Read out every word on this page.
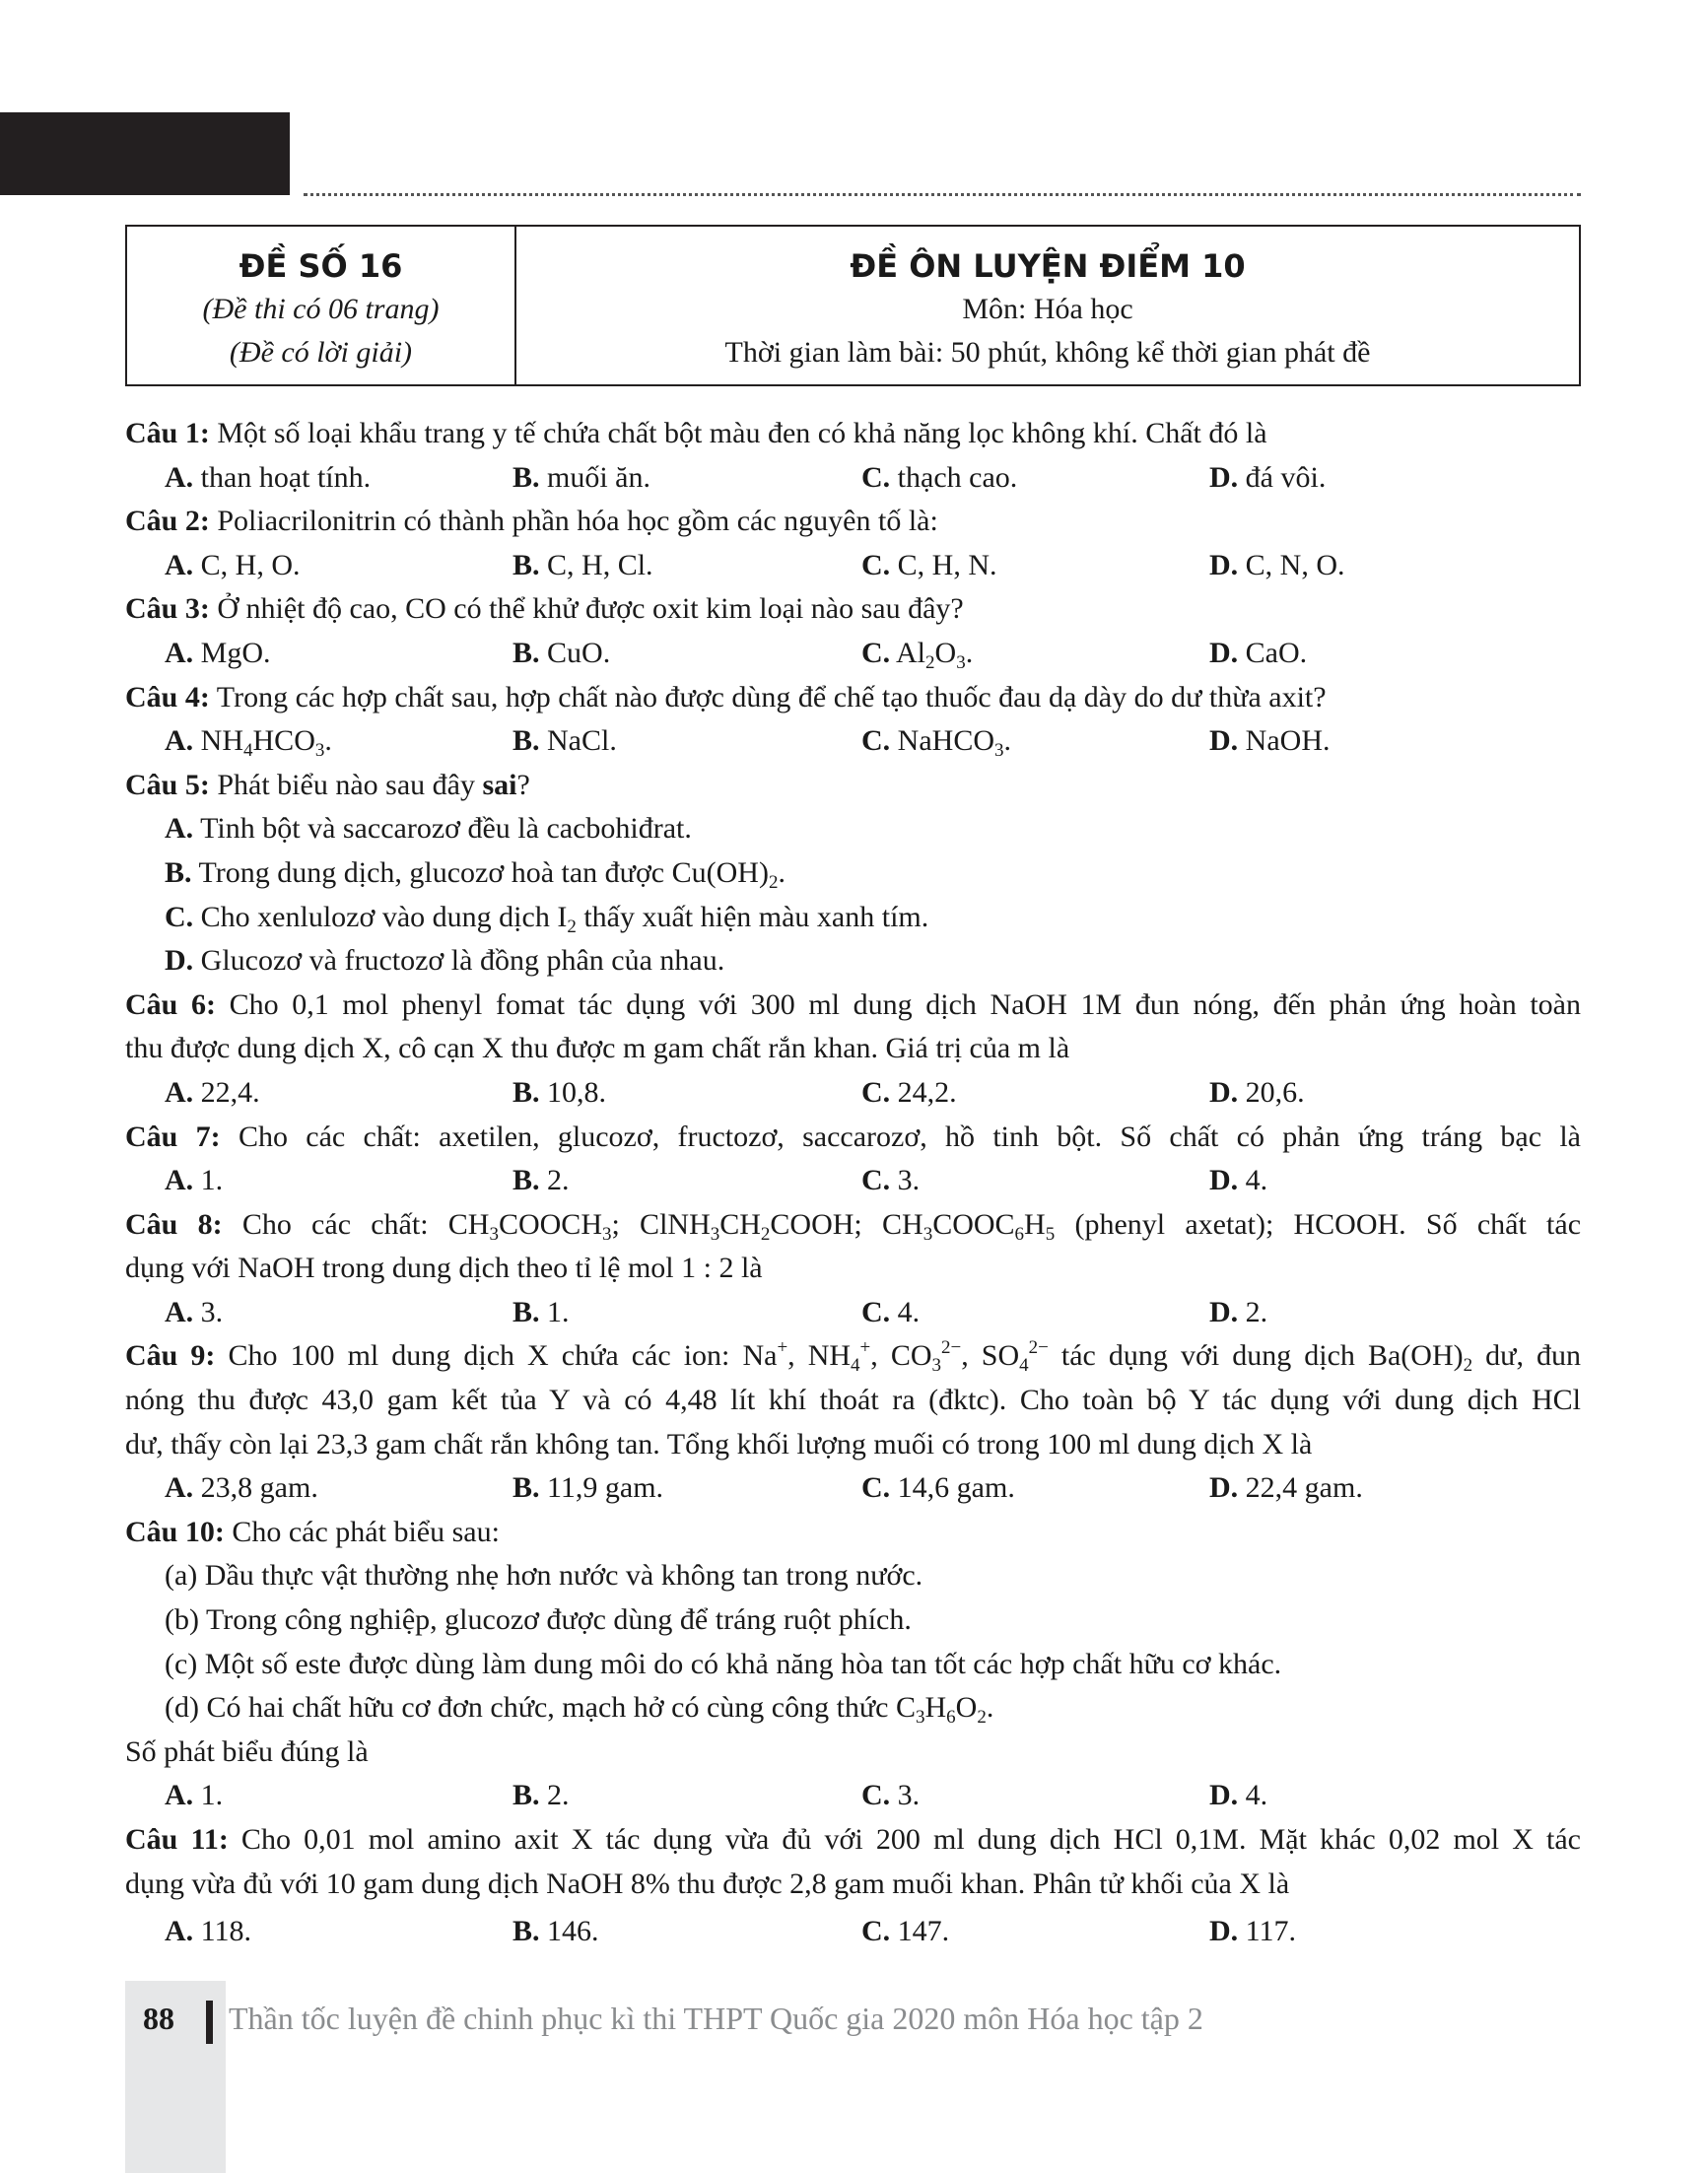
ĐỀ SỐ 16
(Đề thi có 06 trang)
(Đề có lời giải)
ĐỀ ÔN LUYỆN ĐIỂM 10
Môn: Hóa học
Thời gian làm bài: 50 phút, không kể thời gian phát đề
Câu 1: Một số loại khẩu trang y tế chứa chất bột màu đen có khả năng lọc không khí. Chất đó là
A. than hoạt tính.	B. muối ăn.	C. thạch cao.	D. đá vôi.
Câu 2: Poliacrilonitrin có thành phần hóa học gồm các nguyên tố là:
A. C, H, O.	B. C, H, Cl.	C. C, H, N.	D. C, N, O.
Câu 3: Ở nhiệt độ cao, CO có thể khử được oxit kim loại nào sau đây?
A. MgO.	B. CuO.	C. $Al_2O_3$.	D. CaO.
Câu 4: Trong các hợp chất sau, hợp chất nào được dùng để chế tạo thuốc đau dạ dày do dư thừa axit?
A. $NH_4HCO_3$.	B. NaCl.	C. NaHCO$_3$.	D. NaOH.
Câu 5: Phát biểu nào sau đây sai?
A. Tinh bột và saccarozơ đều là cacbohiđrat.
B. Trong dung dịch, glucozơ hoà tan được $Cu(OH)_2$.
C. Cho xenlulozơ vào dung dịch $I_2$ thấy xuất hiện màu xanh tím.
D. Glucozơ và fructozơ là đồng phân của nhau.
Câu 6: Cho 0,1 mol phenyl fomat tác dụng với 300 ml dung dịch NaOH 1M đun nóng, đến phản ứng hoàn toàn
thu được dung dịch X, cô cạn X thu được m gam chất rắn khan. Giá trị của m là
A. 22,4.	B. 10,8.	C. 24,2.	D. 20,6.
Câu 7: Cho các chất: axetilen, glucozơ, fructozơ, saccarozơ, hồ tinh bột. Số chất có phản ứng tráng bạc là
A. 1.	B. 2.	C. 3.	D. 4.
Câu 8: Cho các chất: $CH_3COOCH_3$; $ClNH_3CH_2COOH$; $CH_3COOC_6H_5$ (phenyl axetat); HCOOH. Số chất tác
dụng với NaOH trong dung dịch theo tỉ lệ mol 1 : 2 là
A. 3.	B. 1.	C. 4.	D. 2.
Câu 9: Cho 100 ml dung dịch X chứa các ion: Na+, $NH_4^+$, $CO_3^{2-}$, $SO_4^{2-}$ tác dụng với dung dịch $Ba(OH)_2$ dư, đun
nóng thu được 43,0 gam kết tủa Y và có 4,48 lít khí thoát ra (đktc). Cho toàn bộ Y tác dụng với dung dịch HCl
dư, thấy còn lại 23,3 gam chất rắn không tan. Tổng khối lượng muối có trong 100 ml dung dịch X là
A. 23,8 gam.	B. 11,9 gam.	C. 14,6 gam.	D. 22,4 gam.
Câu 10: Cho các phát biểu sau:
(a) Dầu thực vật thường nhẹ hơn nước và không tan trong nước.
(b) Trong công nghiệp, glucozơ được dùng để tráng ruột phích.
(c) Một số este được dùng làm dung môi do có khả năng hòa tan tốt các hợp chất hữu cơ khác.
(d) Có hai chất hữu cơ đơn chức, mạch hở có cùng công thức $C_3H_6O_2$.
Số phát biểu đúng là
A. 1.	B. 2.	C. 3.	D. 4.
Câu 11: Cho 0,01 mol amino axit X tác dụng vừa đủ với 200 ml dung dịch HCl 0,1M. Mặt khác 0,02 mol X tác
dụng vừa đủ với 10 gam dung dịch NaOH 8% thu được 2,8 gam muối khan. Phân tử khối của X là
A. 118.	B. 146.	C. 147.	D. 117.
88 Thần tốc luyện đề chinh phục kì thi THPT Quốc gia 2020 môn Hóa học tập 2
